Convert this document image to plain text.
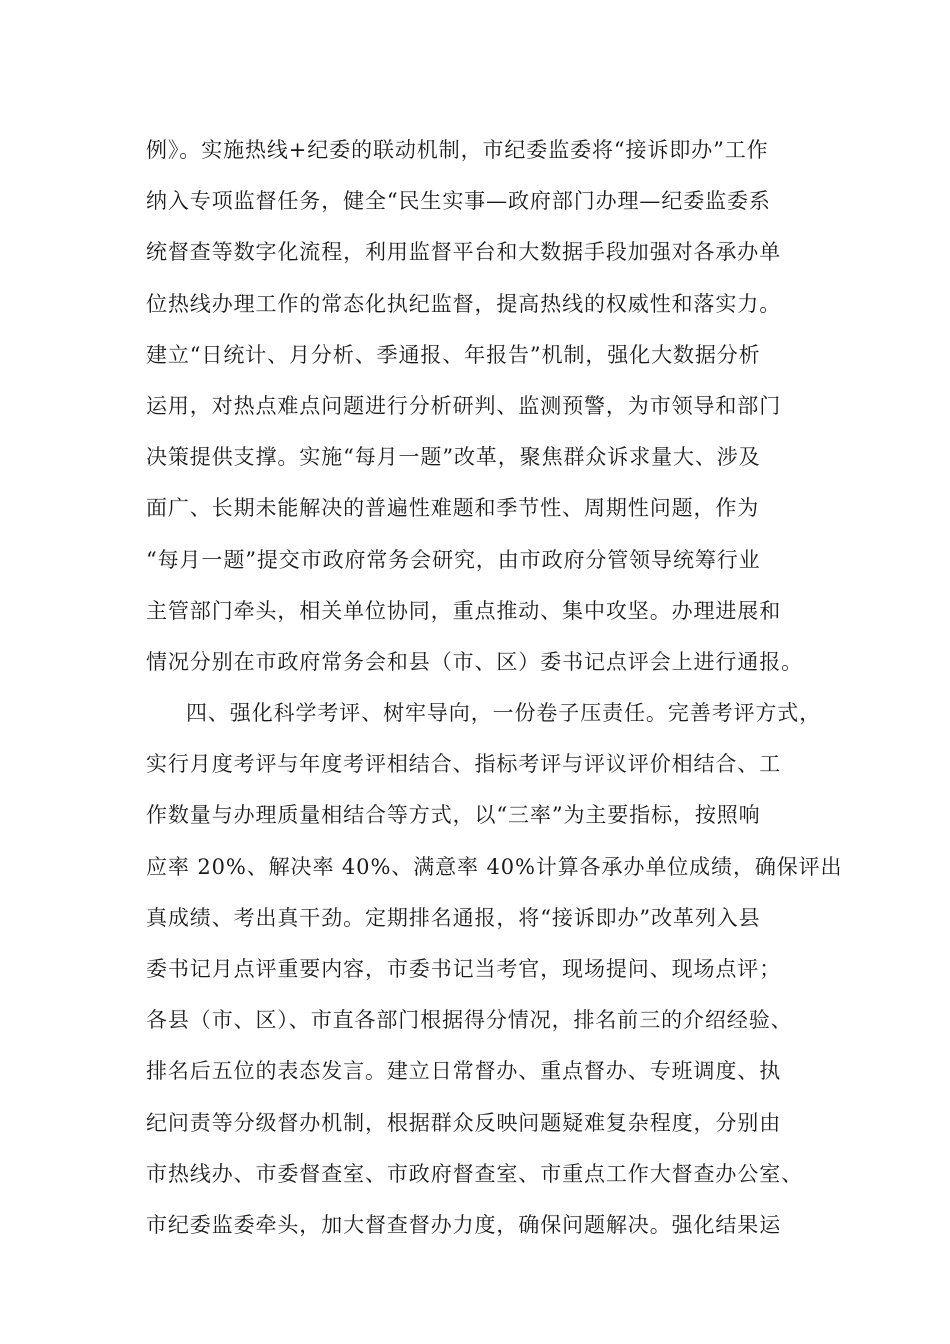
例》。实施热线+纪委的联动机制，市纪委监委将“接诉即办”工作
纳入专项监督任务，健全“民生实事—政府部门办理—纪委监委系
统督查等数字化流程，利用监督平台和大数据手段加强对各承办单
位热线办理工作的常态化执纪监督，提高热线的权威性和落实力。
建立“日统计、月分析、季通报、年报告”机制，强化大数据分析
运用，对热点难点问题进行分析研判、监测预警，为市领导和部门
决策提供支撑。实施“每月一题”改革，聚焦群众诉求量大、涉及
面广、长期未能解决的普遍性难题和季节性、周期性问题，作为
“每月一题”提交市政府常务会研究，由市政府分管领导统筹行业
主管部门牵头，相关单位协同，重点推动、集中攻坚。办理进展和
情况分别在市政府常务会和县（市、区）委书记点评会上进行通报。
四、强化科学考评、树牢导向，一份卷子压责任。完善考评方式，
实行月度考评与年度考评相结合、指标考评与评议评价相结合、工
作数量与办理质量相结合等方式，以“三率”为主要指标，按照响
应率 20%、解决率 40%、满意率 40%计算各承办单位成绩，确保评出
真成绩、考出真干劲。定期排名通报，将“接诉即办”改革列入县
委书记月点评重要内容，市委书记当考官，现场提问、现场点评；
各县（市、区）、市直各部门根据得分情况，排名前三的介绍经验、
排名后五位的表态发言。建立日常督办、重点督办、专班调度、执
纪问责等分级督办机制，根据群众反映问题疑难复杂程度，分别由
市热线办、市委督查室、市政府督查室、市重点工作大督查办公室、
市纪委监委牵头，加大督查督办力度，确保问题解决。强化结果运
